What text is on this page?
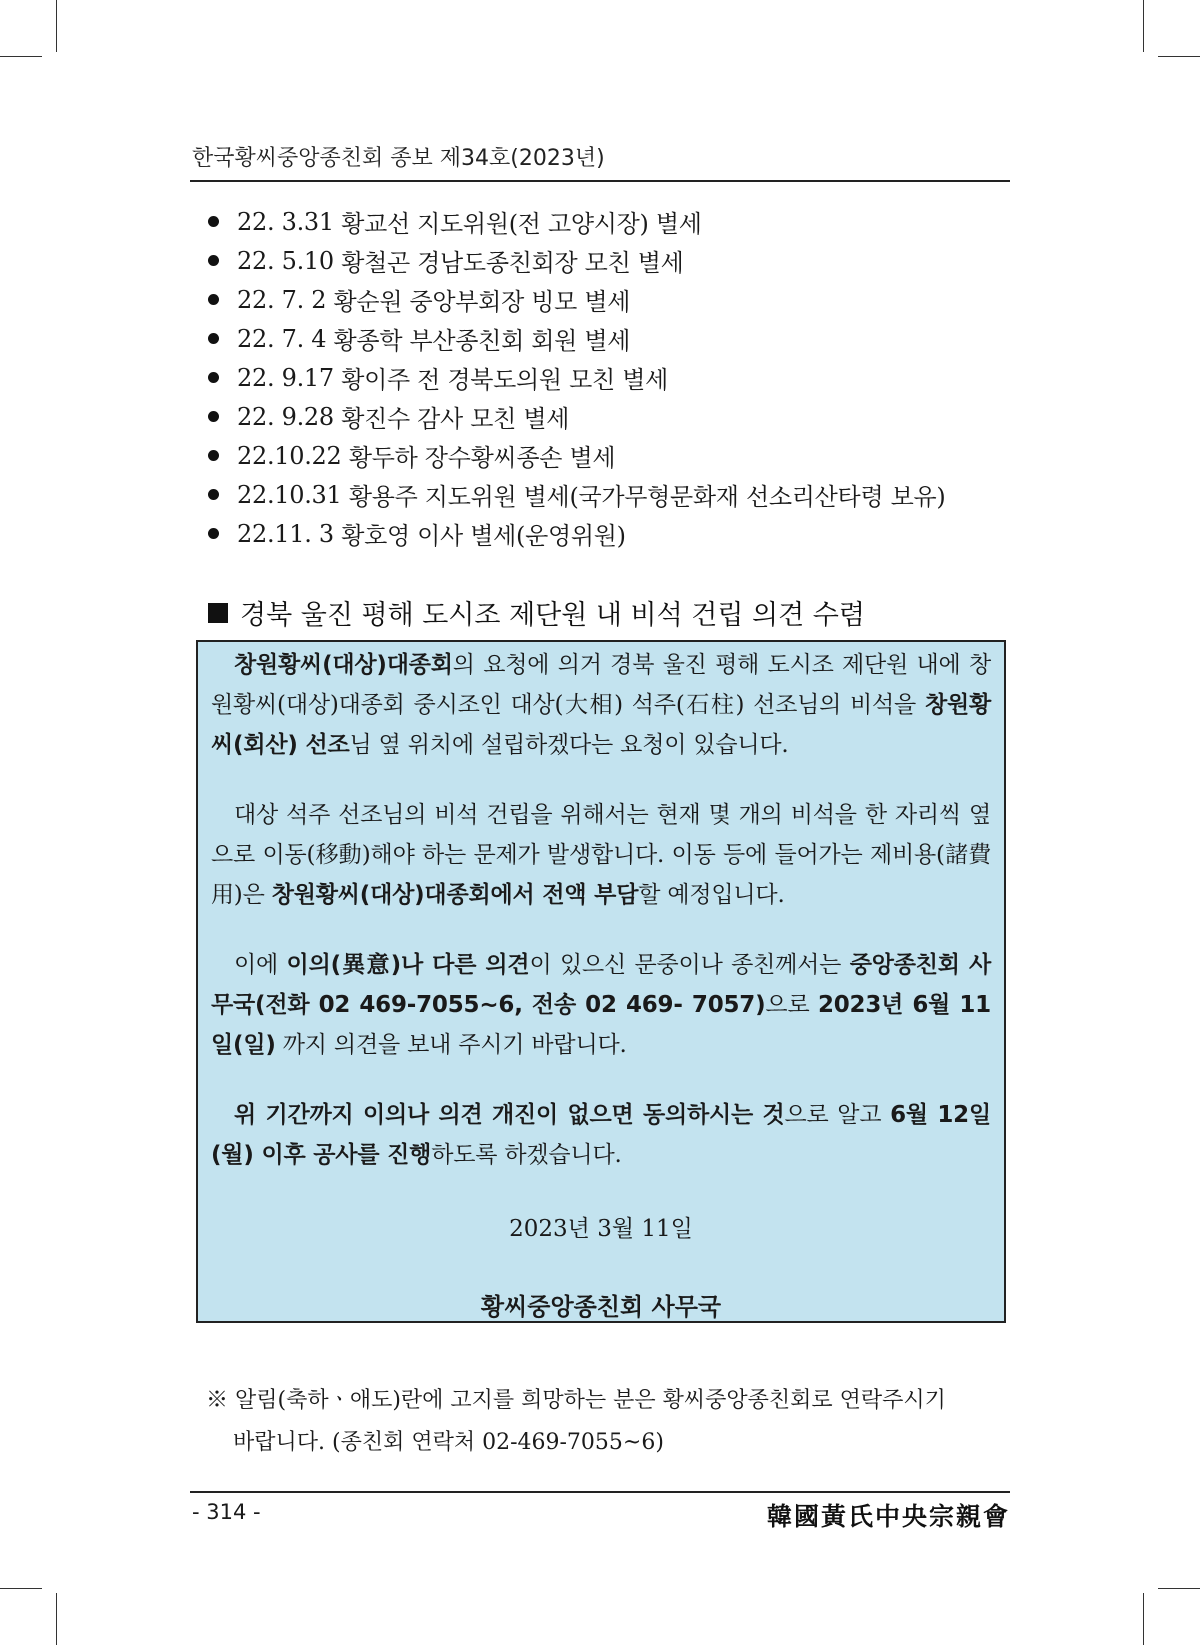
한국황씨중앙종친회 종보 제34호(2023년)
22. 3.31
황교선 지도위원(전 고양시장) 별세
22. 5.10
황철곤 경남도종친회장 모친 별세
22. 7. 2
황순원 중앙부회장 빙모 별세
22. 7. 4
황종학 부산종친회 회원 별세
22. 9.17
황이주 전 경북도의원 모친 별세
22. 9.28
황진수 감사 모친 별세
22.10.22
황두하 장수황씨종손 별세
22.10.31
황용주 지도위원 별세(국가무형문화재 선소리산타령 보유)
22.11. 3
황호영 이사 별세(운영위원)
경북 울진 평해 도시조 제단원 내 비석 건립 의견 수렴
창원황씨(대상)대종회의 요청에 의거 경북 울진 평해 도시조 제단원 내에 창원황씨(대상)대종회 중시조인 대상(大相) 석주(石柱) 선조님의 비석을 창원황씨(회산) 선조님 옆 위치에 설립하겠다는 요청이 있습니다.
대상 석주 선조님의 비석 건립을 위해서는 현재 몇 개의 비석을 한 자리씩 옆으로 이동(移動)해야 하는 문제가 발생합니다. 이동 등에 들어가는 제비용(諸費用)은 창원황씨(대상)대종회에서 전액 부담할 예정입니다.
이에 이의(異意)나 다른 의견이 있으신 문중이나 종친께서는 중앙종친회 사무국(전화 02 469-7055~6, 전송 02 469- 7057)으로 2023년 6월 11일(일) 까지 의견을 보내 주시기 바랍니다.
위 기간까지 이의나 의견 개진이 없으면 동의하시는 것으로 알고 6월 12일(월) 이후 공사를 진행하도록 하겠습니다.
2023년 3월 11일
황씨중앙종친회 사무국
※ 알림(축하ㆍ애도)란에 고지를 희망하는 분은 황씨중앙종친회로 연락주시기
바랍니다. (종친회 연락처 02-469-7055~6)
- 314 -	韓國黃氏中央宗親會
